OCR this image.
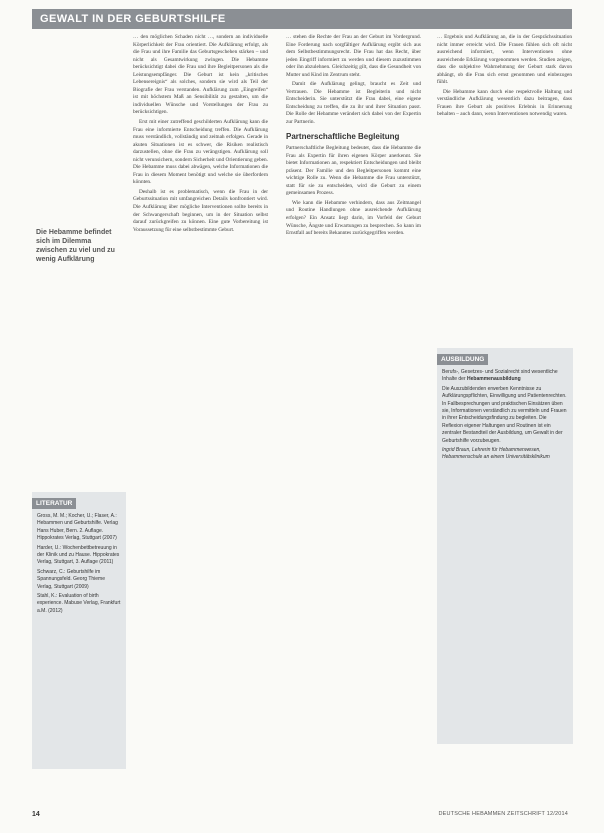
GEWALT IN DER GEBURTSHILFE
Die Hebamme befindet sich im Dilemma zwischen zu viel und zu wenig Aufklärung

… den möglichen Schaden nicht …, sondern an individuelle Körperlichkeit der Frau orientiert. Die Aufklärung erfolgt, als die Frau und ihre Familie das Geburtsgeschehen stärken – und nicht als Gesamtwirkung zwingen. Die Hebamme berücksichtigt dabei die Frau und ihre Begleitpersonen als die Leistungsempfänger. Die Geburt ist kein „kritisches Lebensereignis“ als solches, sondern sie wird als Teil der Biografie der Frau verstanden. Aufklärung zum „Eingreifen“ ist mit höchstem Maß an Sensibilität zu gestalten, um die individuellen Wünsche und Vorstellungen der Frau zu berücksichtigen.

Erst mit einer zutreffend geschilderten Aufklärung kann die Frau eine informierte Entscheidung treffen. Die Aufklärung muss verständlich, vollständig und zeitnah erfolgen. Gerade in akuten Situationen ist es schwer, die Risiken realistisch darzustellen, ohne die Frau zu verängstigen. Aufklärung soll nicht verunsichern, sondern Sicherheit und Orientierung geben. Die Hebamme muss dabei abwägen, welche Informationen die Frau in diesem Moment benötigt und welche sie überfordern könnten.

Deshalb ist es problematisch, wenn die Frau in der Geburtssituation mit umfangreichen Details konfrontiert wird. Die Aufklärung über mögliche Interventionen sollte bereits in der Schwangerschaft beginnen, um in der Situation selbst darauf zurückgreifen zu können. Eine gute Vorbereitung ist Voraussetzung für eine selbstbestimmte Geburt.

… stehen die Rechte der Frau an der Geburt im Vordergrund. Eine Forderung nach sorgfältiger Aufklärung ergibt sich aus dem Selbstbestimmungsrecht. Die Frau hat das Recht, über jeden Eingriff informiert zu werden und diesem zuzustimmen oder ihn abzulehnen. Gleichzeitig gilt, dass die Gesundheit von Mutter und Kind im Zentrum steht.

Damit die Aufklärung gelingt, braucht es Zeit und Vertrauen. Die Hebamme ist Begleiterin und nicht Entscheiderin. Sie unterstützt die Frau dabei, eine eigene Entscheidung zu treffen, die zu ihr und ihrer Situation passt. Die Rolle der Hebamme verändert sich dabei von der Expertin zur Partnerin.

Partnerschaftliche Begleitung

Partnerschaftliche Begleitung bedeutet, dass die Hebamme die Frau als Expertin für ihren eigenen Körper anerkennt. Sie bietet Informationen an, respektiert Entscheidungen und bleibt präsent. Der Familie und den Begleitpersonen kommt eine wichtige Rolle zu. Wenn die Hebamme die Frau unterstützt, statt für sie zu entscheiden, wird die Geburt zu einem gemeinsamen Prozess.

Wie kann die Hebamme verhindern, dass aus Zeitmangel und Routine Handlungen ohne ausreichende Aufklärung erfolgen? Ein Ansatz liegt darin, im Vorfeld der Geburt Wünsche, Ängste und Erwartungen zu besprechen. So kann im Ernstfall auf bereits Bekanntes zurückgegriffen werden.

… Ergebnis und Aufklärung an, die in der Gesprächssituation nicht immer erreicht wird. Die Frauen fühlen sich oft nicht ausreichend informiert, wenn Interventionen ohne ausreichende Erklärung vorgenommen werden. Studien zeigen, dass die subjektive Wahrnehmung der Geburt stark davon abhängt, ob die Frau sich ernst genommen und einbezogen fühlt.

Die Hebamme kann durch eine respektvolle Haltung und verständliche Aufklärung wesentlich dazu beitragen, dass Frauen ihre Geburt als positives Erlebnis in Erinnerung behalten – auch dann, wenn Interventionen notwendig waren.

LITERATUR

Gross, M. M.; Kocher, U.; Flaser, A.: Hebammen und Geburtshilfe. Verlag Hans Huber, Bern. 2. Auflage. Hippokrates Verlag, Stuttgart (2007)

Harder, U.: Wochenbettbetreuung in der Klinik und zu Hause. Hippokrates Verlag, Stuttgart, 3. Auflage (2011)

Schwarz, C.: Geburtshilfe im Spannungsfeld. Georg Thieme Verlag, Stuttgart (2009)

Stahl, K.: Evaluation of birth experience. Mabuse Verlag, Frankfurt a.M. (2012)

AUSBILDUNG

Berufs-, Gesetzes- und Sozialrecht sind wesentliche Inhalte der Hebammenausbildung

Die Auszubildenden erwerben Kenntnisse zu Aufklärungspflichten, Einwilligung und Patientenrechten. In Fallbesprechungen und praktischen Einsätzen üben sie, Informationen verständlich zu vermitteln und Frauen in ihrer Entscheidungsfindung zu begleiten. Die Reflexion eigener Haltungen und Routinen ist ein zentraler Bestandteil der Ausbildung, um Gewalt in der Geburtshilfe vorzubeugen.

Ingrid Braun, Lehrerin für Hebammenwesen, Hebammenschule an einem Universitätsklinikum

14	DEUTSCHE HEBAMMEN ZEITSCHRIFT 12/2014
